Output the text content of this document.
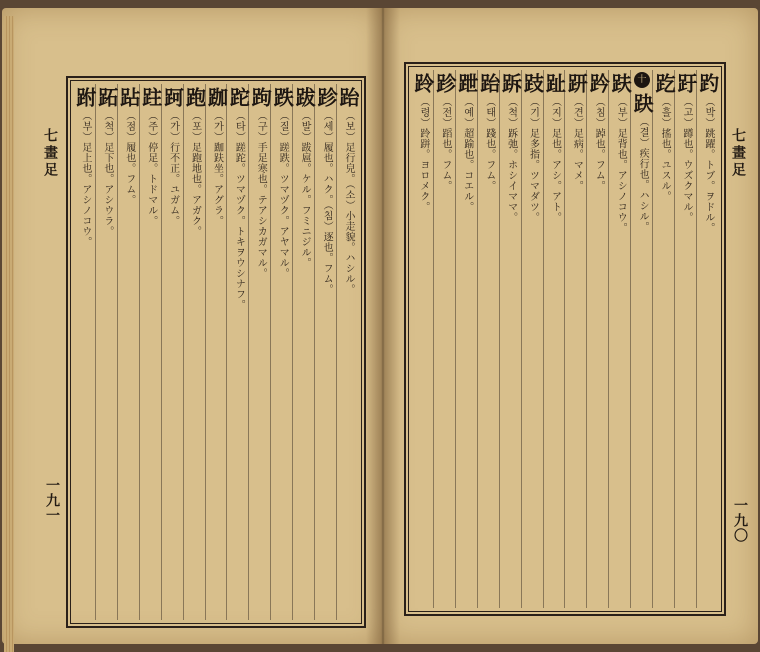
七畫足
一九一
跆（보）足行皃。（소）小走貌。ハシル。
跈（세）履也。ハク。（침）逐也。フム。
跋（발）跋扈。ケル。フミニジル。
跌（질）蹉跌。ツマヅク。アヤマル。
跔（구）手足寒也。テアシカガマル。
跎（타）蹉跎。ツマヅク。トキヲウシナフ。
跏（가）跏趺坐。アグラ。
跑（포）足跑地也。アガク。
跒（가）行不正。ユガム。
跓（주）停足。トドマル。
跕（점）履也。フム。
跖（척）足下也。アシウラ。
跗（부）足上也。アシノコウ。	七畫足
一九〇
趵（박）跳躍。トブ。ヲドル。
趶（고）蹲也。ウズクマル。
趷（흘）搖也。ユスル。
十趹（결）疾行也。ハシル。
趺（부）足背也。アシノコウ。
趻（침）踔也。フム。
趼（견）足病。マメ。
趾（지）足也。アシ。アト。
跂（기）足多指。ツマダツ。
跅（척）跅弛。ホシイママ。
跆（태）踐也。フム。
跇（예）超踰也。コエル。
跈（전）蹈也。フム。
跉（령）跉跰。ヨロメク。
